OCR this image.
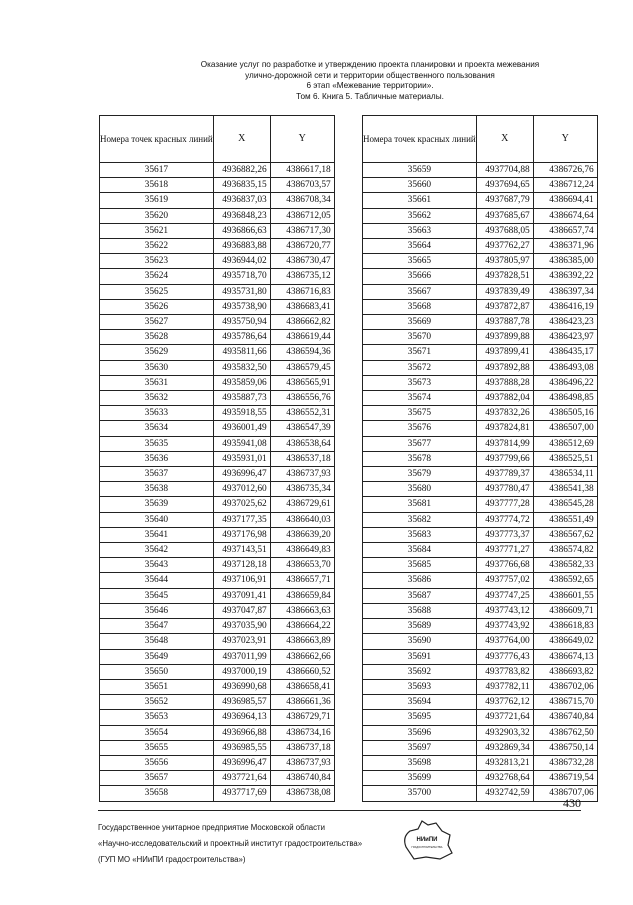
Оказание услуг по разработке и утверждению проекта планировки и проекта межевания
улично-дорожной сети и территории общественного пользования
6 этап «Межевание территории».
Том 6. Книга 5. Табличные материалы.
Номера точек красных линий	X	Y
35617	4936882,26	4386617,18
35618	4936835,15	4386703,57
35619	4936837,03	4386708,34
35620	4936848,23	4386712,05
35621	4936866,63	4386717,30
35622	4936883,88	4386720,77
35623	4936944,02	4386730,47
35624	4935718,70	4386735,12
35625	4935731,80	4386716,83
35626	4935738,90	4386683,41
35627	4935750,94	4386662,82
35628	4935786,64	4386619,44
35629	4935811,66	4386594,36
35630	4935832,50	4386579,45
35631	4935859,06	4386565,91
35632	4935887,73	4386556,76
35633	4935918,55	4386552,31
35634	4936001,49	4386547,39
35635	4935941,08	4386538,64
35636	4935931,01	4386537,18
35637	4936996,47	4386737,93
35638	4937012,60	4386735,34
35639	4937025,62	4386729,61
35640	4937177,35	4386640,03
35641	4937176,98	4386639,20
35642	4937143,51	4386649,83
35643	4937128,18	4386653,70
35644	4937106,91	4386657,71
35645	4937091,41	4386659,84
35646	4937047,87	4386663,63
35647	4937035,90	4386664,22
35648	4937023,91	4386663,89
35649	4937011,99	4386662,66
35650	4937000,19	4386660,52
35651	4936990,68	4386658,41
35652	4936985,57	4386661,36
35653	4936964,13	4386729,71
35654	4936966,88	4386734,16
35655	4936985,55	4386737,18
35656	4936996,47	4386737,93
35657	4937721,64	4386740,84
35658	4937717,69	4386738,08
Номера точек красных линий	X	Y
35659	4937704,88	4386726,76
35660	4937694,65	4386712,24
35661	4937687,79	4386694,41
35662	4937685,67	4386674,64
35663	4937688,05	4386657,74
35664	4937762,27	4386371,96
35665	4937805,97	4386385,00
35666	4937828,51	4386392,22
35667	4937839,49	4386397,34
35668	4937872,87	4386416,19
35669	4937887,78	4386423,23
35670	4937899,88	4386423,97
35671	4937899,41	4386435,17
35672	4937892,88	4386493,08
35673	4937888,28	4386496,22
35674	4937882,04	4386498,85
35675	4937832,26	4386505,16
35676	4937824,81	4386507,00
35677	4937814,99	4386512,69
35678	4937799,66	4386525,51
35679	4937789,37	4386534,11
35680	4937780,47	4386541,38
35681	4937777,28	4386545,28
35682	4937774,72	4386551,49
35683	4937773,37	4386567,62
35684	4937771,27	4386574,82
35685	4937766,68	4386582,33
35686	4937757,02	4386592,65
35687	4937747,25	4386601,55
35688	4937743,12	4386609,71
35689	4937743,92	4386618,83
35690	4937764,00	4386649,02
35691	4937776,43	4386674,13
35692	4937783,82	4386693,82
35693	4937782,11	4386702,06
35694	4937762,12	4386715,70
35695	4937721,64	4386740,84
35696	4932903,32	4386762,50
35697	4932869,34	4386750,14
35698	4932813,21	4386732,28
35699	4932768,64	4386719,54
35700	4932742,59	4386707,06
430
Государственное унитарное предприятие Московской области
«Научно-исследовательский и проектный институт градостроительства»
(ГУП МО «НИиПИ градостроительства»)
НИиПИ
ГРАДОСТРОИТЕЛЬСТВА
